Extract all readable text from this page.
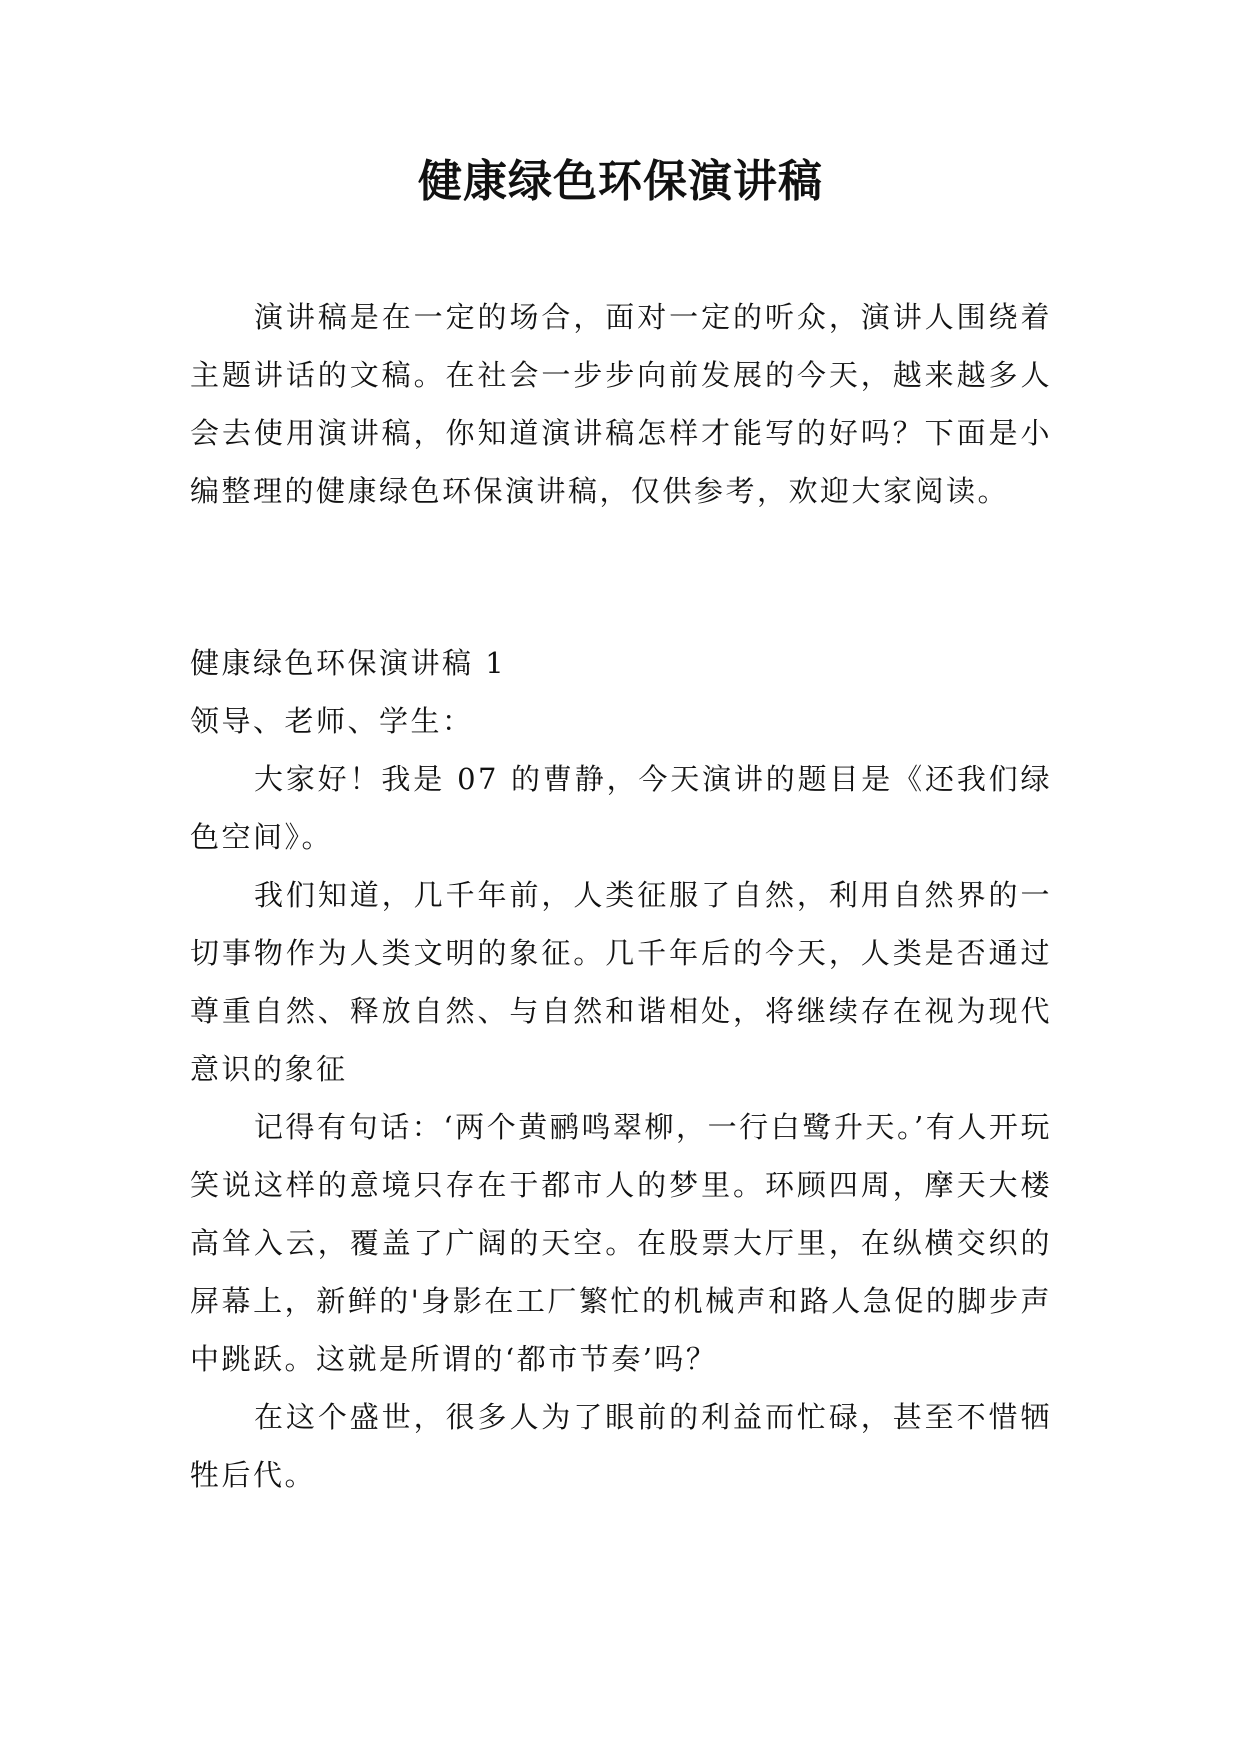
健康绿色环保演讲稿

演讲稿是在一定的场合，面对一定的听众，演讲人围绕着主题讲话的文稿。在社会一步步向前发展的今天，越来越多人会去使用演讲稿，你知道演讲稿怎样才能写的好吗？下面是小编整理的健康绿色环保演讲稿，仅供参考，欢迎大家阅读。

健康绿色环保演讲稿 1

领导、老师、学生：

大家好！我是 07 的曹静，今天演讲的题目是《还我们绿色空间》。

我们知道，几千年前，人类征服了自然，利用自然界的一切事物作为人类文明的象征。几千年后的今天，人类是否通过尊重自然、释放自然、与自然和谐相处，将继续存在视为现代意识的象征

记得有句话：‘两个黄鹂鸣翠柳，一行白鹭升天。’有人开玩笑说这样的意境只存在于都市人的梦里。环顾四周，摩天大楼高耸入云，覆盖了广阔的天空。在股票大厅里，在纵横交织的屏幕上，新鲜的'身影在工厂繁忙的机械声和路人急促的脚步声中跳跃。这就是所谓的‘都市节奏’吗？

在这个盛世，很多人为了眼前的利益而忙碌，甚至不惜牺牲后代。
